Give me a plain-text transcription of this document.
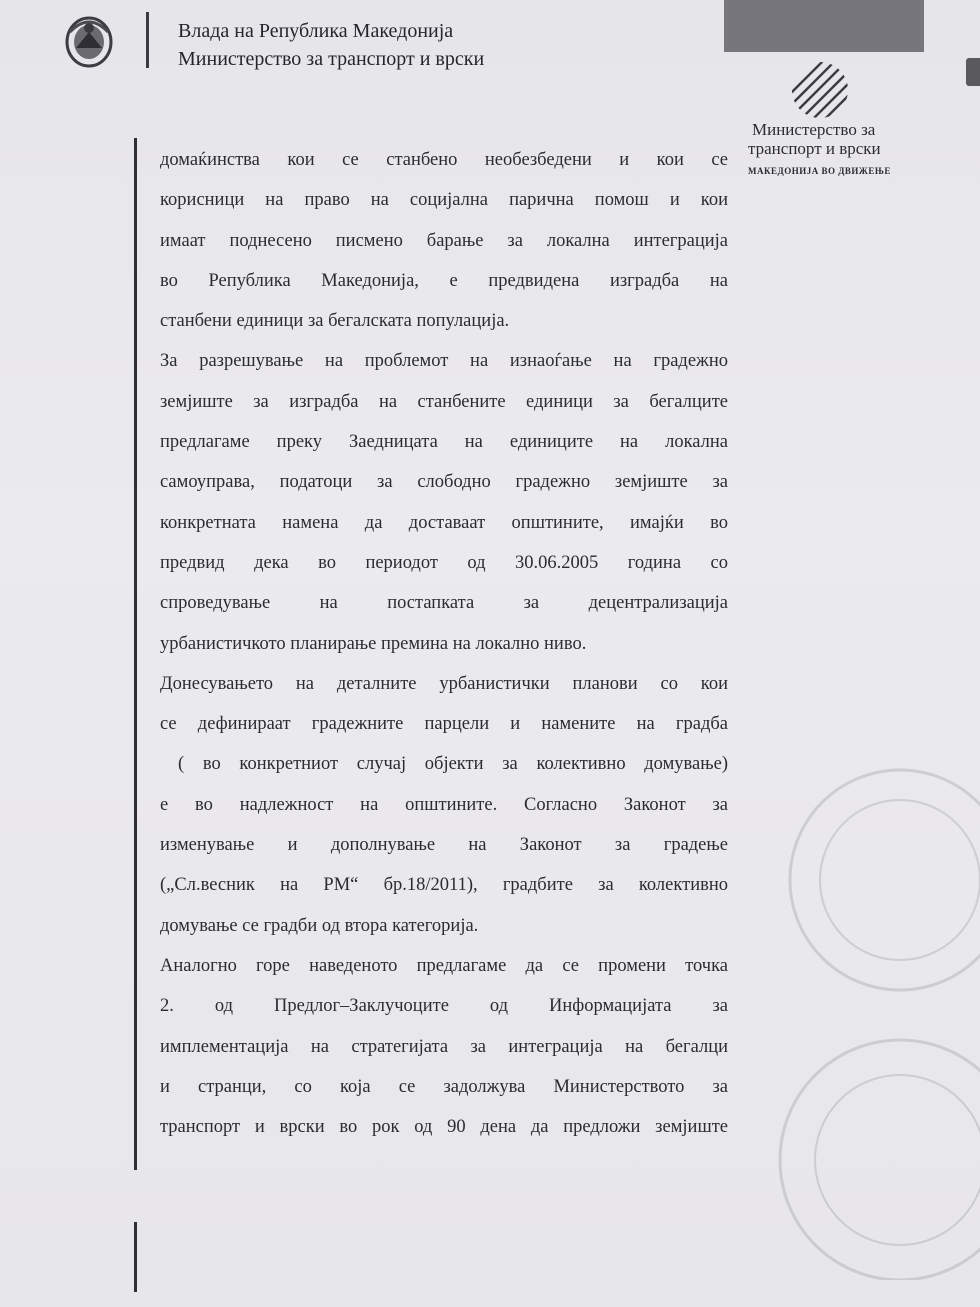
Влада на Република Македонија
Министерство за транспорт и врски
Министерство за
транспорт и врски
МАКЕДОНИЈА ВО ДВИЖЕЊЕ
домаќинства кои се станбено необезбедени и кои се
корисници на право на социјална парична помош и кои
имаат поднесено писмено барање за локална интеграција
во Република Македонија, е предвидена изградба на
станбени единици за бегалската популација.
За разрешување на проблемот на изнаоѓање на градежно
земјиште за изградба на станбените единици за бегалците
предлагаме преку Заедницата на единиците на локална
самоуправа, податоци за слободно градежно земјиште за
конкретната намена да доставаат општините, имајќи во
предвид дека во периодот од 30.06.2005 година со
спроведување на постапката за децентрализација
урбанистичкото планирање премина на локално ниво.
Донесувањето на деталните урбанистички планови со кои
се дефинираат градежните парцели и намените на градба
( во конкретниот случај објекти за колективно домување)
е во надлежност на општините. Согласно Законот за
изменување и дополнување на Законот за градење
(„Сл.весник на РМ“ бр.18/2011), градбите за колективно
домување се градби од втора категорија.
Аналогно горе наведеното предлагаме да се промени точка
2. од Предлог–Заклучоците од Информацијата за
имплементација на стратегијата за интеграција на бегалци
и странци, со која се задолжува Министерството за
транспорт и врски во рок од 90 дена да предложи земјиште
